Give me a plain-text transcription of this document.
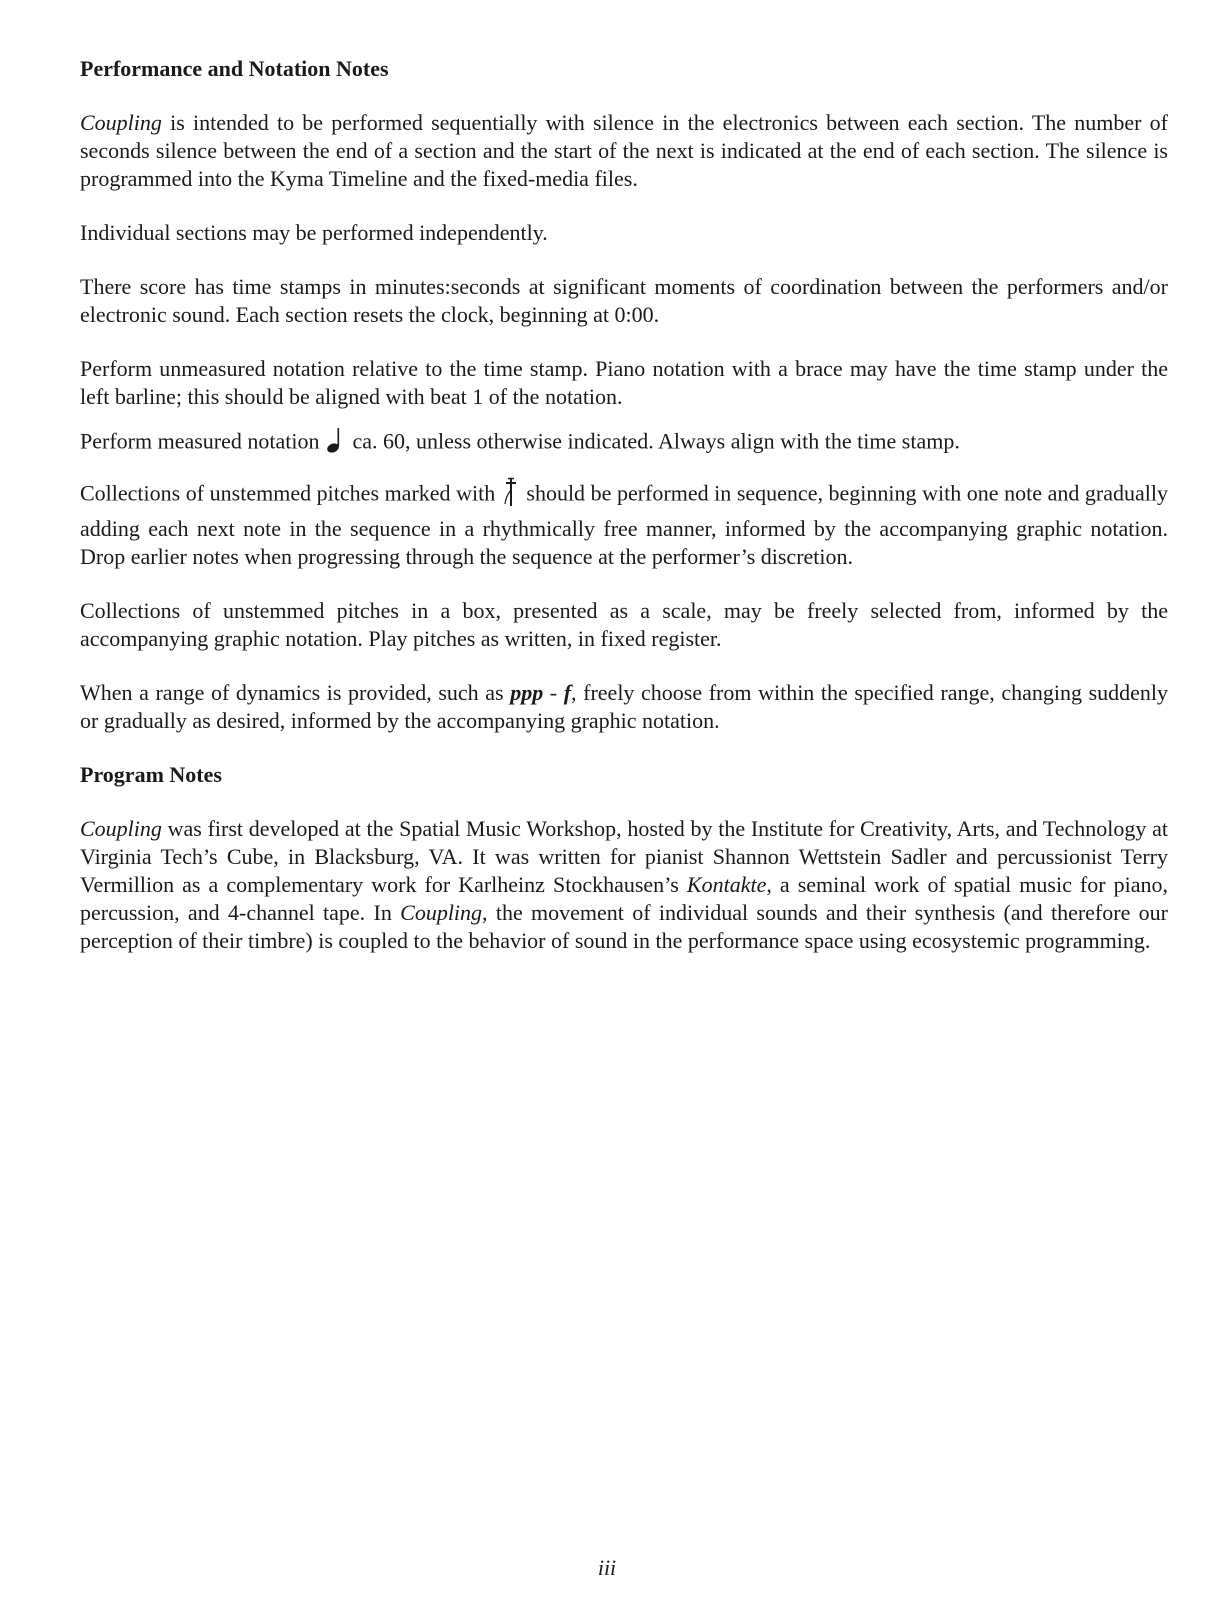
Performance and Notation Notes

Coupling is intended to be performed sequentially with silence in the electronics between each section. The number of seconds silence between the end of a section and the start of the next is indicated at the end of each section. The silence is programmed into the Kyma Timeline and the fixed-media files.

Individual sections may be performed independently.

There score has time stamps in minutes:seconds at significant moments of coordination between the performers and/or electronic sound. Each section resets the clock, beginning at 0:00.

Perform unmeasured notation relative to the time stamp. Piano notation with a brace may have the time stamp under the left barline; this should be aligned with beat 1 of the notation.

Perform measured notation  ca. 60, unless otherwise indicated. Always align with the time stamp.

Collections of unstemmed pitches marked with  should be performed in sequence, beginning with one note and gradually adding each next note in the sequence in a rhythmically free manner, informed by the accompanying graphic notation. Drop earlier notes when progressing through the sequence at the performer’s discretion.

Collections of unstemmed pitches in a box, presented as a scale, may be freely selected from, informed by the accompanying graphic notation. Play pitches as written, in fixed register.

When a range of dynamics is provided, such as ppp - f, freely choose from within the specified range, changing suddenly or gradually as desired, informed by the accompanying graphic notation.

Program Notes

Coupling was first developed at the Spatial Music Workshop, hosted by the Institute for Creativity, Arts, and Technology at Virginia Tech’s Cube, in Blacksburg, VA. It was written for pianist Shannon Wettstein Sadler and percussionist Terry Vermillion as a complementary work for Karlheinz Stockhausen’s Kontakte, a seminal work of spatial music for piano, percussion, and 4-channel tape. In Coupling, the movement of individual sounds and their synthesis (and therefore our perception of their timbre) is coupled to the behavior of sound in the performance space using ecosystemic programming.

iii
